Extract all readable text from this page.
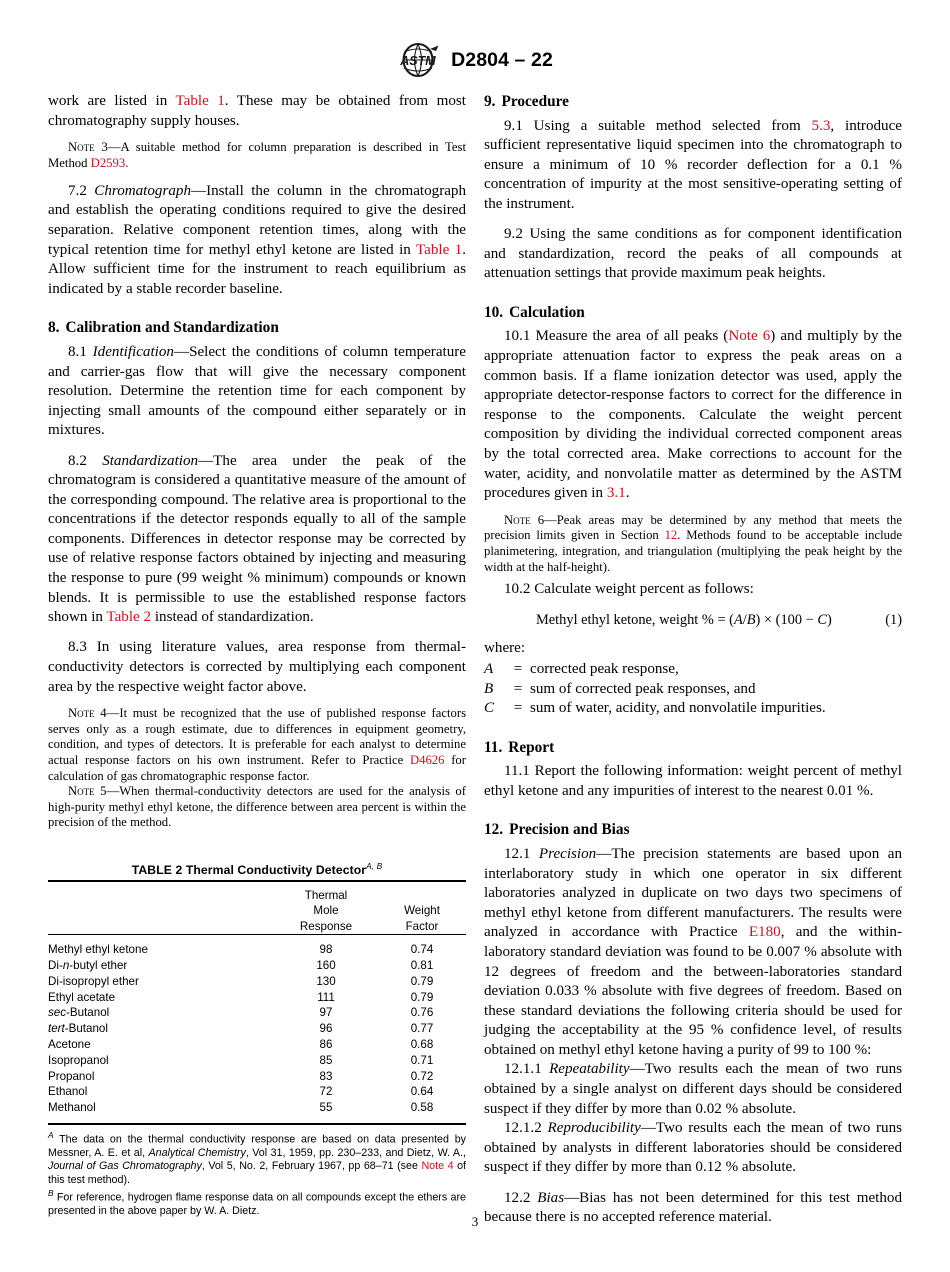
ASTM D2804 – 22

work are listed in Table 1. These may be obtained from most chromatography supply houses.

Note 3—A suitable method for column preparation is described in Test Method D2593.

7.2 Chromatograph—Install the column in the chromatograph and establish the operating conditions required to give the desired separation. Relative component retention times, along with the typical retention time for methyl ethyl ketone are listed in Table 1. Allow sufficient time for the instrument to reach equilibrium as indicated by a stable recorder baseline.

8. Calibration and Standardization

8.1 Identification—Select the conditions of column temperature and carrier-gas flow that will give the necessary component resolution. Determine the retention time for each component by injecting small amounts of the compound either separately or in mixtures.

8.2 Standardization—The area under the peak of the chromatogram is considered a quantitative measure of the amount of the corresponding compound. The relative area is proportional to the concentrations if the detector responds equally to all of the sample components. Differences in detector response may be corrected by use of relative response factors obtained by injecting and measuring the response to pure (99 weight % minimum) compounds or known blends. It is permissible to use the established response factors shown in Table 2 instead of standardization.

8.3 In using literature values, area response from thermal-conductivity detectors is corrected by multiplying each component area by the respective weight factor above.

Note 4—It must be recognized that the use of published response factors serves only as a rough estimate, due to differences in equipment geometry, condition, and types of detectors. It is preferable for each analyst to determine actual response factors on his own instrument. Refer to Practice D4626 for calculation of gas chromatographic response factor.

Note 5—When thermal-conductivity detectors are used for the analysis of high-purity methyl ethyl ketone, the difference between area percent is within the precision of the method.

TABLE 2 Thermal Conductivity Detector$^{A, B}$

Thermal
Mole
Response

Weight
Factor

Methyl ethyl ketone	98	0.74
Di-n-butyl ether	160	0.81
Di-isopropyl ether	130	0.79
Ethyl acetate	111	0.79
sec-Butanol	97	0.76
tert-Butanol	96	0.77
Acetone	86	0.68
Isopropanol	85	0.71
Propanol	83	0.72
Ethanol	72	0.64
Methanol	55	0.58

$^A$ The data on the thermal conductivity response are based on data presented by Messner, A. E. et al, Analytical Chemistry, Vol 31, 1959, pp. 230–233, and Dietz, W. A., Journal of Gas Chromatography, Vol 5, No. 2, February 1967, pp 68–71 (see Note 4 of this test method).

$^B$ For reference, hydrogen flame response data on all compounds except the ethers are presented in the above paper by W. A. Dietz.

9. Procedure

9.1 Using a suitable method selected from 5.3, introduce sufficient representative liquid specimen into the chromatograph to ensure a minimum of 10 % recorder deflection for a 0.1 % concentration of impurity at the most sensitive-operating setting of the instrument.

9.2 Using the same conditions as for component identification and standardization, record the peaks of all compounds at attenuation settings that provide maximum peak heights.

10. Calculation

10.1 Measure the area of all peaks (Note 6) and multiply by the appropriate attenuation factor to express the peak areas on a common basis. If a flame ionization detector was used, apply the appropriate detector-response factors to correct for the difference in response to the components. Calculate the weight percent composition by dividing the individual corrected component areas by the total corrected area. Make corrections to account for the water, acidity, and nonvolatile matter as determined by the ASTM procedures given in 3.1.

Note 6—Peak areas may be determined by any method that meets the precision limits given in Section 12. Methods found to be acceptable include planimetering, integration, and triangulation (multiplying the peak height by the width at the half-height).

10.2 Calculate weight percent as follows:

Methyl ethyl ketone, weight % = (A/B) × (100 − C)	(1)

where:

A	=	corrected peak response,
B	=	sum of corrected peak responses, and
C	=	sum of water, acidity, and nonvolatile impurities.
11. Report

11.1 Report the following information: weight percent of methyl ethyl ketone and any impurities of interest to the nearest 0.01 %.

12. Precision and Bias

12.1 Precision—The precision statements are based upon an interlaboratory study in which one operator in six different laboratories analyzed in duplicate on two days two specimens of methyl ethyl ketone from different manufacturers. The results were analyzed in accordance with Practice E180, and the within-laboratory standard deviation was found to be 0.007 % absolute with 12 degrees of freedom and the between-laboratories standard deviation 0.033 % absolute with five degrees of freedom. Based on these standard deviations the following criteria should be used for judging the acceptability at the 95 % confidence level, of results obtained on methyl ethyl ketone having a purity of 99 to 100 %:

12.1.1 Repeatability—Two results each the mean of two runs obtained by a single analyst on different days should be considered suspect if they differ by more than 0.02 % absolute.

12.1.2 Reproducibility—Two results each the mean of two runs obtained by analysts in different laboratories should be considered suspect if they differ by more than 0.12 % absolute.

12.2 Bias—Bias has not been determined for this test method because there is no accepted reference material.

3
